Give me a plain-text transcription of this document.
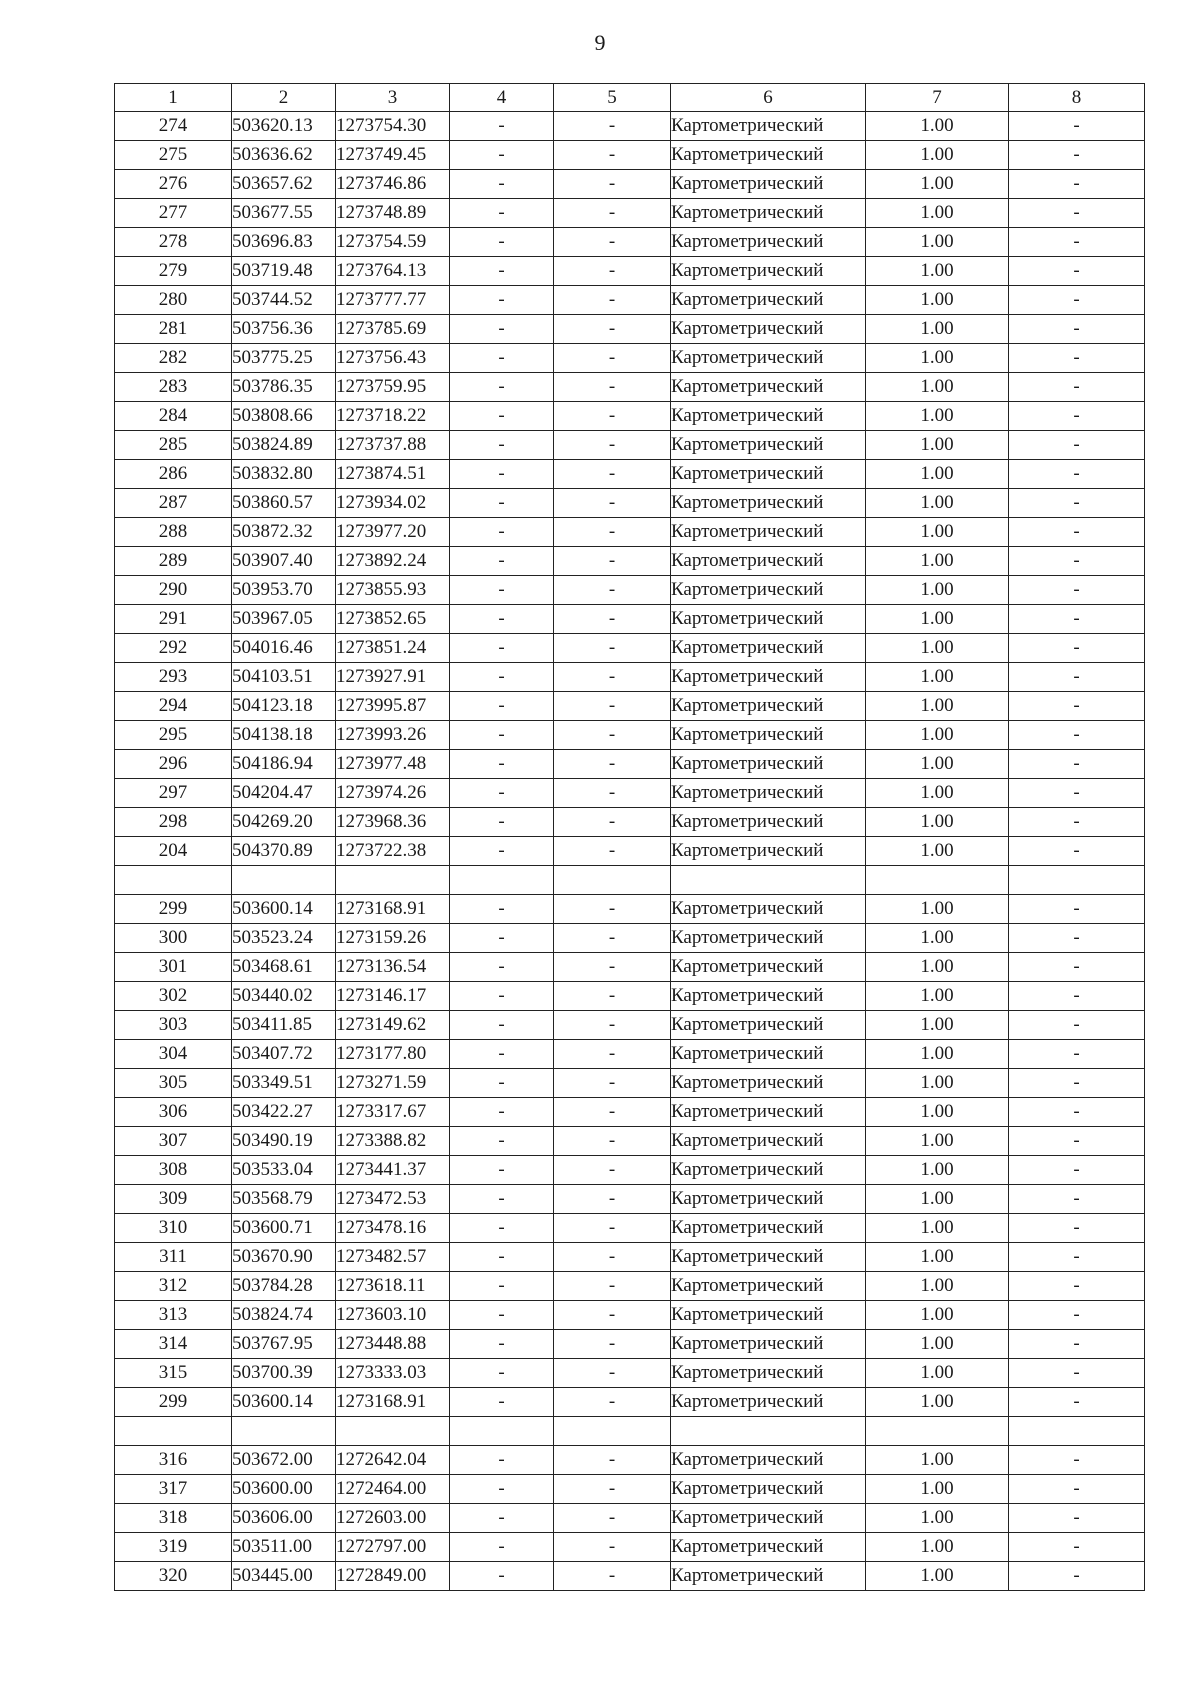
9
1	2	3	4	5	6	7	8
274	503620.13	1273754.30	-	-	Картометрический	1.00	-
275	503636.62	1273749.45	-	-	Картометрический	1.00	-
276	503657.62	1273746.86	-	-	Картометрический	1.00	-
277	503677.55	1273748.89	-	-	Картометрический	1.00	-
278	503696.83	1273754.59	-	-	Картометрический	1.00	-
279	503719.48	1273764.13	-	-	Картометрический	1.00	-
280	503744.52	1273777.77	-	-	Картометрический	1.00	-
281	503756.36	1273785.69	-	-	Картометрический	1.00	-
282	503775.25	1273756.43	-	-	Картометрический	1.00	-
283	503786.35	1273759.95	-	-	Картометрический	1.00	-
284	503808.66	1273718.22	-	-	Картометрический	1.00	-
285	503824.89	1273737.88	-	-	Картометрический	1.00	-
286	503832.80	1273874.51	-	-	Картометрический	1.00	-
287	503860.57	1273934.02	-	-	Картометрический	1.00	-
288	503872.32	1273977.20	-	-	Картометрический	1.00	-
289	503907.40	1273892.24	-	-	Картометрический	1.00	-
290	503953.70	1273855.93	-	-	Картометрический	1.00	-
291	503967.05	1273852.65	-	-	Картометрический	1.00	-
292	504016.46	1273851.24	-	-	Картометрический	1.00	-
293	504103.51	1273927.91	-	-	Картометрический	1.00	-
294	504123.18	1273995.87	-	-	Картометрический	1.00	-
295	504138.18	1273993.26	-	-	Картометрический	1.00	-
296	504186.94	1273977.48	-	-	Картометрический	1.00	-
297	504204.47	1273974.26	-	-	Картометрический	1.00	-
298	504269.20	1273968.36	-	-	Картометрический	1.00	-
204	504370.89	1273722.38	-	-	Картометрический	1.00	-

299	503600.14	1273168.91	-	-	Картометрический	1.00	-
300	503523.24	1273159.26	-	-	Картометрический	1.00	-
301	503468.61	1273136.54	-	-	Картометрический	1.00	-
302	503440.02	1273146.17	-	-	Картометрический	1.00	-
303	503411.85	1273149.62	-	-	Картометрический	1.00	-
304	503407.72	1273177.80	-	-	Картометрический	1.00	-
305	503349.51	1273271.59	-	-	Картометрический	1.00	-
306	503422.27	1273317.67	-	-	Картометрический	1.00	-
307	503490.19	1273388.82	-	-	Картометрический	1.00	-
308	503533.04	1273441.37	-	-	Картометрический	1.00	-
309	503568.79	1273472.53	-	-	Картометрический	1.00	-
310	503600.71	1273478.16	-	-	Картометрический	1.00	-
311	503670.90	1273482.57	-	-	Картометрический	1.00	-
312	503784.28	1273618.11	-	-	Картометрический	1.00	-
313	503824.74	1273603.10	-	-	Картометрический	1.00	-
314	503767.95	1273448.88	-	-	Картометрический	1.00	-
315	503700.39	1273333.03	-	-	Картометрический	1.00	-
299	503600.14	1273168.91	-	-	Картометрический	1.00	-

316	503672.00	1272642.04	-	-	Картометрический	1.00	-
317	503600.00	1272464.00	-	-	Картометрический	1.00	-
318	503606.00	1272603.00	-	-	Картометрический	1.00	-
319	503511.00	1272797.00	-	-	Картометрический	1.00	-
320	503445.00	1272849.00	-	-	Картометрический	1.00	-
